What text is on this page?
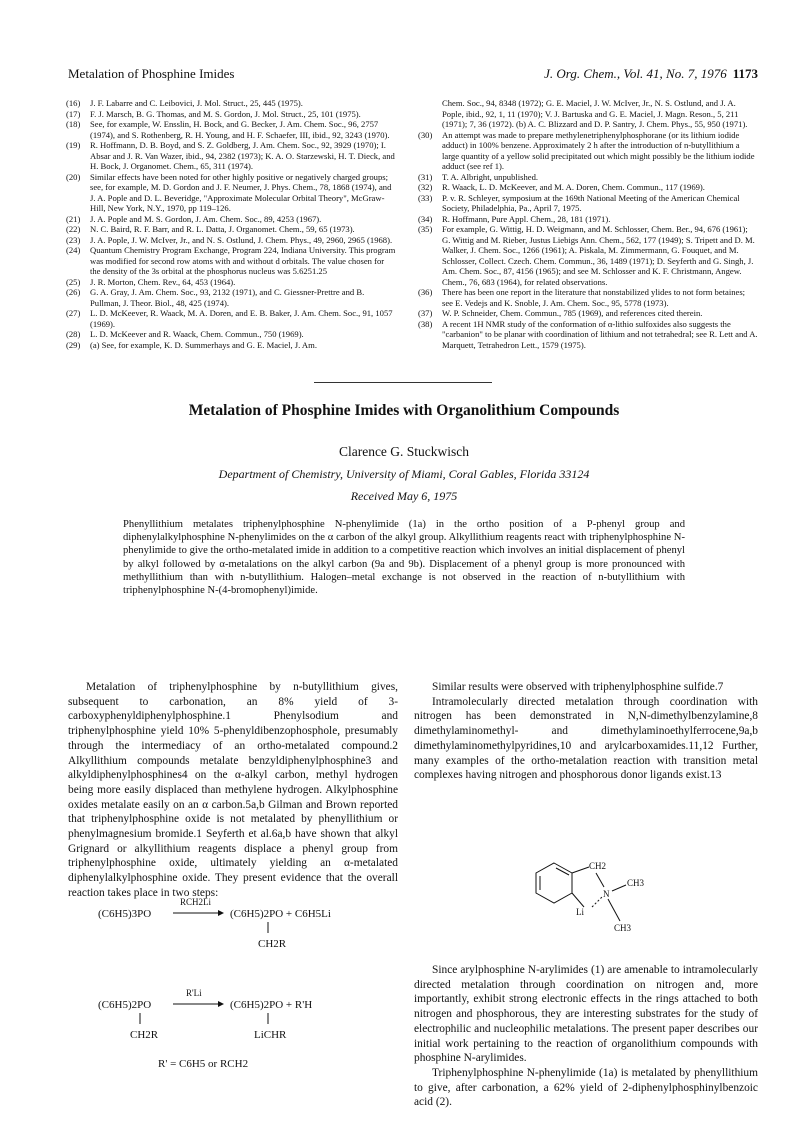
Metalation of Phosphine Imides	J. Org. Chem., Vol. 41, No. 7, 1976 1173
(16)	J. F. Labarre and C. Leibovici, J. Mol. Struct., 25, 445 (1975).
(17)	F. J. Marsch, B. G. Thomas, and M. S. Gordon, J. Mol. Struct., 25, 101 (1975).
(18)	See, for example, W. Ensslin, H. Bock, and G. Becker, J. Am. Chem. Soc., 96, 2757 (1974), and S. Rothenberg, R. H. Young, and H. F. Schaefer, III, ibid., 92, 3243 (1970).
(19)	R. Hoffmann, D. B. Boyd, and S. Z. Goldberg, J. Am. Chem. Soc., 92, 3929 (1970); I. Absar and J. R. Van Wazer, ibid., 94, 2382 (1973); K. A. O. Starzewski, H. T. Dieck, and H. Bock, J. Organomet. Chem., 65, 311 (1974).
(20)	Similar effects have been noted for other highly positive or negatively charged groups; see, for example, M. D. Gordon and J. F. Neumer, J. Phys. Chem., 78, 1868 (1974), and J. A. Pople and D. L. Beveridge, "Approximate Molecular Orbital Theory", McGraw-Hill, New York, N.Y., 1970, pp 119–126.
(21)	J. A. Pople and M. S. Gordon, J. Am. Chem. Soc., 89, 4253 (1967).
(22)	N. C. Baird, R. F. Barr, and R. L. Datta, J. Organomet. Chem., 59, 65 (1973).
(23)	J. A. Pople, J. W. McIver, Jr., and N. S. Ostlund, J. Chem. Phys., 49, 2960, 2965 (1968).
(24)	Quantum Chemistry Program Exchange, Program 224, Indiana University. This program was modified for second row atoms with and without d orbitals. The value chosen for the density of the 3s orbital at the phosphorus nucleus was 5.6251.25
(25)	J. R. Morton, Chem. Rev., 64, 453 (1964).
(26)	G. A. Gray, J. Am. Chem. Soc., 93, 2132 (1971), and C. Giessner-Prettre and B. Pullman, J. Theor. Biol., 48, 425 (1974).
(27)	L. D. McKeever, R. Waack, M. A. Doren, and E. B. Baker, J. Am. Chem. Soc., 91, 1057 (1969).
(28)	L. D. McKeever and R. Waack, Chem. Commun., 750 (1969).
(29)	(a) See, for example, K. D. Summerhays and G. E. Maciel, J. Am.
Chem. Soc., 94, 8348 (1972); G. E. Maciel, J. W. McIver, Jr., N. S. Ostlund, and J. A. Pople, ibid., 92, 1, 11 (1970); V. J. Bartuska and G. E. Maciel, J. Magn. Reson., 5, 211 (1971); 7, 36 (1972). (b) A. C. Blizzard and D. P. Santry, J. Chem. Phys., 55, 950 (1971).
(30)	An attempt was made to prepare methylenetriphenylphosphorane (or its lithium iodide adduct) in 100% benzene. Approximately 2 h after the introduction of n-butyllithium a large quantity of a yellow solid precipitated out which might possibly be the lithium iodide adduct (see ref 1).
(31)	T. A. Albright, unpublished.
(32)	R. Waack, L. D. McKeever, and M. A. Doren, Chem. Commun., 117 (1969).
(33)	P. v. R. Schleyer, symposium at the 169th National Meeting of the American Chemical Society, Philadelphia, Pa., April 7, 1975.
(34)	R. Hoffmann, Pure Appl. Chem., 28, 181 (1971).
(35)	For example, G. Wittig, H. D. Weigmann, and M. Schlosser, Chem. Ber., 94, 676 (1961); G. Wittig and M. Rieber, Justus Liebigs Ann. Chem., 562, 177 (1949); S. Tripett and D. M. Walker, J. Chem. Soc., 1266 (1961); A. Piskala, M. Zimmermann, G. Fouquet, and M. Schlosser, Collect. Czech. Chem. Commun., 36, 1489 (1971); D. Seyferth and G. Singh, J. Am. Chem. Soc., 87, 4156 (1965); and see M. Schlosser and K. F. Christmann, Angew. Chem., 76, 683 (1964), for related observations.
(36)	There has been one report in the literature that nonstabilized ylides to not form betaines; see E. Vedejs and K. Snoble, J. Am. Chem. Soc., 95, 5778 (1973).
(37)	W. P. Schneider, Chem. Commun., 785 (1969), and references cited therein.
(38)	A recent 1H NMR study of the conformation of α-lithio sulfoxides also suggests the "carbanion" to be planar with coordination of lithium and not tetrahedral; see R. Lett and A. Marquett, Tetrahedron Lett., 1579 (1975).
Metalation of Phosphine Imides with Organolithium Compounds
Clarence G. Stuckwisch
Department of Chemistry, University of Miami, Coral Gables, Florida 33124
Received May 6, 1975
Phenyllithium metalates triphenylphosphine N-phenylimide (1a) in the ortho position of a P-phenyl group and diphenylalkylphosphine N-phenylimides on the α carbon of the alkyl group. Alkyllithium reagents react with triphenylphosphine N-phenylimide to give the ortho-metalated imide in addition to a competitive reaction which involves an initial displacement of phenyl by alkyl followed by α-metalations on the alkyl carbon (9a and 9b). Displacement of a phenyl group is more pronounced with methyllithium than with n-butyllithium. Halogen–metal exchange is not observed in the reaction of n-butyllithium with triphenylphosphine N-(4-bromophenyl)imide.

Metalation of triphenylphosphine by n-butyllithium gives, subsequent to carbonation, an 8% yield of 3-carboxyphenyldiphenylphosphine.1 Phenylsodium and triphenylphosphine yield 10% 5-phenyldibenzophosphole, presumably through the intermediacy of an ortho-metalated compound.2 Alkyllithium compounds metalate benzyldiphenylphosphine3 and alkyldiphenylphosphines4 on the α-alkyl carbon, methyl hydrogen being more easily displaced than methylene hydrogen. Alkylphosphine oxides metalate easily on an α carbon.5a,b Gilman and Brown reported that triphenylphosphine oxide is not metalated by phenyllithium or phenylmagnesium bromide.1 Seyferth et al.6a,b have shown that alkyl Grignard or alkyllithium reagents displace a phenyl group from triphenylphosphine oxide, ultimately yielding an α-metalated diphenylalkylphosphine oxide. They present evidence that the overall reaction takes place in two steps:

(C6H5)3PO
RCH2Li
(C6H5)2PO + C6H5Li
CH2R
(C6H5)2PO
CH2R
R'Li
(C6H5)2PO + R'H
LiCHR
R' = C6H5 or RCH2

Similar results were observed with triphenylphosphine sulfide.7

Intramolecularly directed metalation through coordination with nitrogen has been demonstrated in N,N-dimethylbenzylamine,8 dimethylaminomethyl- and dimethylaminoethylferrocene,9a,b dimethylaminomethylpyridines,10 and arylcarboxamides.11,12 Further, many examples of the ortho-metalation reaction with transition metal complexes having nitrogen and phosphorous donor ligands exist.13

CH2
N
CH3
CH3
Li

Since arylphosphine N-arylimides (1) are amenable to intramolecularly directed metalation through coordination on nitrogen and, more importantly, exhibit strong electronic effects in the rings attached to both nitrogen and phosphorous, they are interesting substrates for the study of electrophilic and nucleophilic metalations. The present paper describes our initial work pertaining to the reaction of organolithium compounds with phosphine N-arylimides.

Triphenylphosphine N-phenylimide (1a) is metalated by phenyllithium to give, after carbonation, a 62% yield of 2-diphenylphosphinylbenzoic acid (2).
